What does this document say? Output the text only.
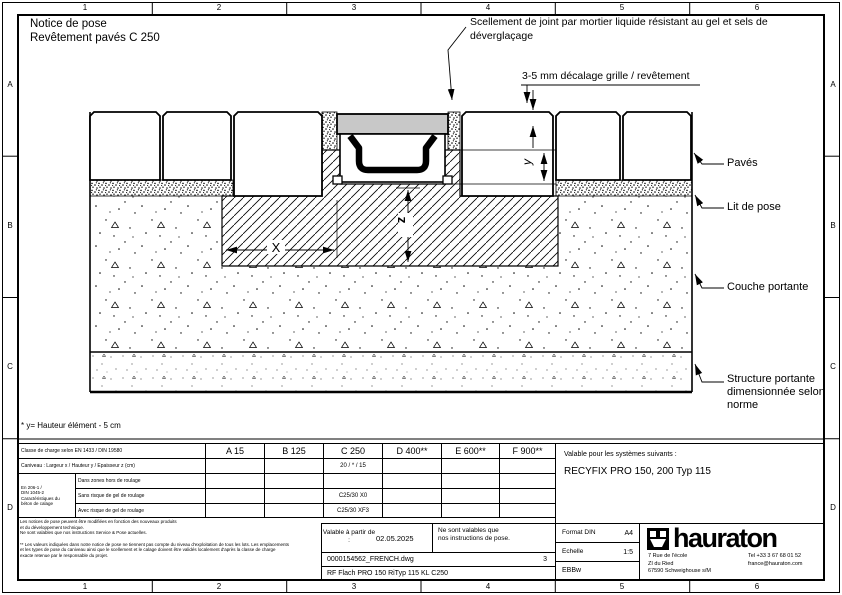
X
z
y
1	2	3	4	5	6
1	2	3	4	5	6
A
B
C
D
A
B
C
D
Notice de pose
Revêtement pavés C 250
Scellement de joint par mortier liquide résistant au gel et sels de
déverglaçage
3-5 mm décalage grille / revêtement
Pavés
Lit de pose
Couche portante
Structure portante
dimensionnée selon
norme
* y= Hauteur élément - 5 cm
Classe de charge selon EN 1433 / DIN 19580		A 15	B 125	C 250	D 400**	E 600**	F 900**
Caniveau : Largeur x / Hauteur y / Epaisseur z (cm)				20 / * / 15			

En 206-1 /
DIN 1045-2
Caractéristiques du
béton de calage	Dans zones hors de roulage						
	Sans risque de gel de roulage			C25/30 X0			
	Avec risque de gel de roulage			C25/30 XF3			
Les notices de pose peuvent être modifiées en fonction des nouveaux produits
et du développement technique.
Ne sont valables que nos instructions Service & Pose actuelles.
** Les valeurs indiquées dans notre notice de pose ne tiennent pas compte du niveau d'exploitation de tous les lots. Les emplacements
et les types de pose du caniveau ainsi que le scellement et le calage doivent être validés localement d'après la classe de charge
exacte retenue par le responsable du projet.
Valable pour les systèmes suivants :
RECYFIX PRO 150, 200 Typ 115
Valable à partir de :	02.05.2025
Ne sont valables que
nos instructions de pose.
0000154562_FRENCH.dwg	3
RF Flach PRO 150 RiTyp 115 KL C250
Format DIN	A4
Echelle	1:5
EBBw
hauraton
7 Rue de l'école
ZI du Ried
67590 Schweighouse s/M
Tel +33 3 67 68 01 52
france@hauraton.com
